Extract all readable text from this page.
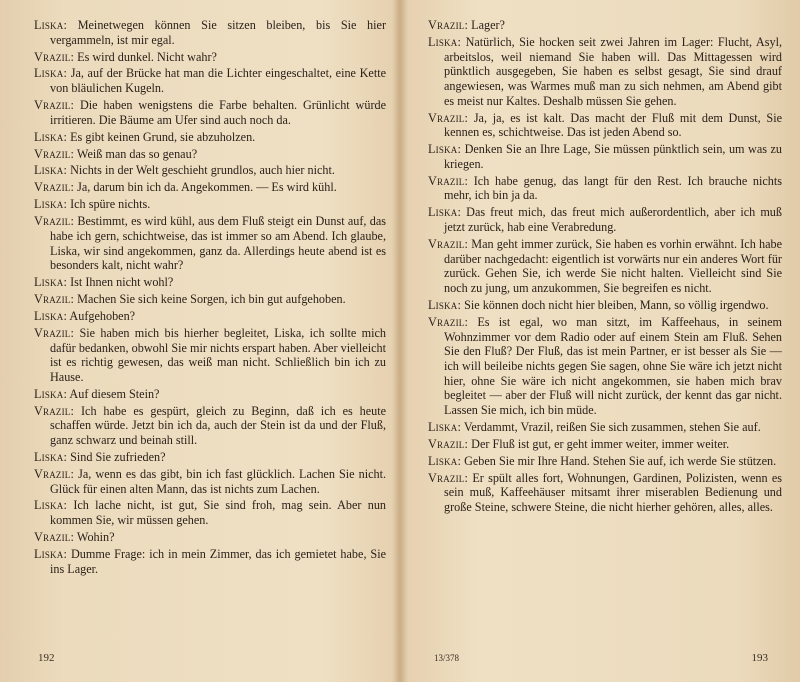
Liska: Meinetwegen können Sie sitzen bleiben, bis Sie hier vergammeln, ist mir egal.

Vrazil: Es wird dunkel. Nicht wahr?

Liska: Ja, auf der Brücke hat man die Lichter eingeschaltet, eine Kette von bläulichen Kugeln.

Vrazil: Die haben wenigstens die Farbe behalten. Grünlicht würde irritieren. Die Bäume am Ufer sind auch noch da.

Liska: Es gibt keinen Grund, sie abzuholzen.

Vrazil: Weiß man das so genau?

Liska: Nichts in der Welt geschieht grundlos, auch hier nicht.

Vrazil: Ja, darum bin ich da. Angekommen. — Es wird kühl.

Liska: Ich spüre nichts.

Vrazil: Bestimmt, es wird kühl, aus dem Fluß steigt ein Dunst auf, das habe ich gern, schichtweise, das ist immer so am Abend. Ich glaube, Liska, wir sind angekommen, ganz da. Allerdings heute abend ist es besonders kalt, nicht wahr?

Liska: Ist Ihnen nicht wohl?

Vrazil: Machen Sie sich keine Sorgen, ich bin gut aufgehoben.

Liska: Aufgehoben?

Vrazil: Sie haben mich bis hierher begleitet, Liska, ich sollte mich dafür bedanken, obwohl Sie mir nichts erspart haben. Aber vielleicht ist es richtig gewesen, das weiß man nicht. Schließlich bin ich zu Hause.

Liska: Auf diesem Stein?

Vrazil: Ich habe es gespürt, gleich zu Beginn, daß ich es heute schaffen würde. Jetzt bin ich da, auch der Stein ist da und der Fluß, ganz schwarz und beinah still.

Liska: Sind Sie zufrieden?

Vrazil: Ja, wenn es das gibt, bin ich fast glücklich. Lachen Sie nicht. Glück für einen alten Mann, das ist nichts zum Lachen.

Liska: Ich lache nicht, ist gut, Sie sind froh, mag sein. Aber nun kommen Sie, wir müssen gehen.

Vrazil: Wohin?

Liska: Dumme Frage: ich in mein Zimmer, das ich gemietet habe, Sie ins Lager.

192

Vrazil: Lager?

Liska: Natürlich, Sie hocken seit zwei Jahren im Lager: Flucht, Asyl, arbeitslos, weil niemand Sie haben will. Das Mittagessen wird pünktlich ausgegeben, Sie haben es selbst gesagt, Sie sind drauf angewiesen, was Warmes muß man zu sich nehmen, am Abend gibt es meist nur Kaltes. Deshalb müssen Sie gehen.

Vrazil: Ja, ja, es ist kalt. Das macht der Fluß mit dem Dunst, Sie kennen es, schichtweise. Das ist jeden Abend so.

Liska: Denken Sie an Ihre Lage, Sie müssen pünktlich sein, um was zu kriegen.

Vrazil: Ich habe genug, das langt für den Rest. Ich brauche nichts mehr, ich bin ja da.

Liska: Das freut mich, das freut mich außerordentlich, aber ich muß jetzt zurück, hab eine Verabredung.

Vrazil: Man geht immer zurück, Sie haben es vorhin erwähnt. Ich habe darüber nachgedacht: eigentlich ist vorwärts nur ein anderes Wort für zurück. Gehen Sie, ich werde Sie nicht halten. Vielleicht sind Sie noch zu jung, um anzukommen, Sie begreifen es nicht.

Liska: Sie können doch nicht hier bleiben, Mann, so völlig irgendwo.

Vrazil: Es ist egal, wo man sitzt, im Kaffeehaus, in seinem Wohnzimmer vor dem Radio oder auf einem Stein am Fluß. Sehen Sie den Fluß? Der Fluß, das ist mein Partner, er ist besser als Sie — ich will beileibe nichts gegen Sie sagen, ohne Sie wäre ich jetzt nicht hier, ohne Sie wäre ich nicht angekommen, sie haben mich brav begleitet — aber der Fluß will nicht zurück, der kennt das gar nicht. Lassen Sie mich, ich bin müde.

Liska: Verdammt, Vrazil, reißen Sie sich zusammen, stehen Sie auf.

Vrazil: Der Fluß ist gut, er geht immer weiter, immer weiter.

Liska: Geben Sie mir Ihre Hand. Stehen Sie auf, ich werde Sie stützen.

Vrazil: Er spült alles fort, Wohnungen, Gardinen, Polizisten, wenn es sein muß, Kaffeehäuser mitsamt ihrer miserablen Bedienung und große Steine, schwere Steine, die nicht hierher gehören, alles, alles.

13/378	193
